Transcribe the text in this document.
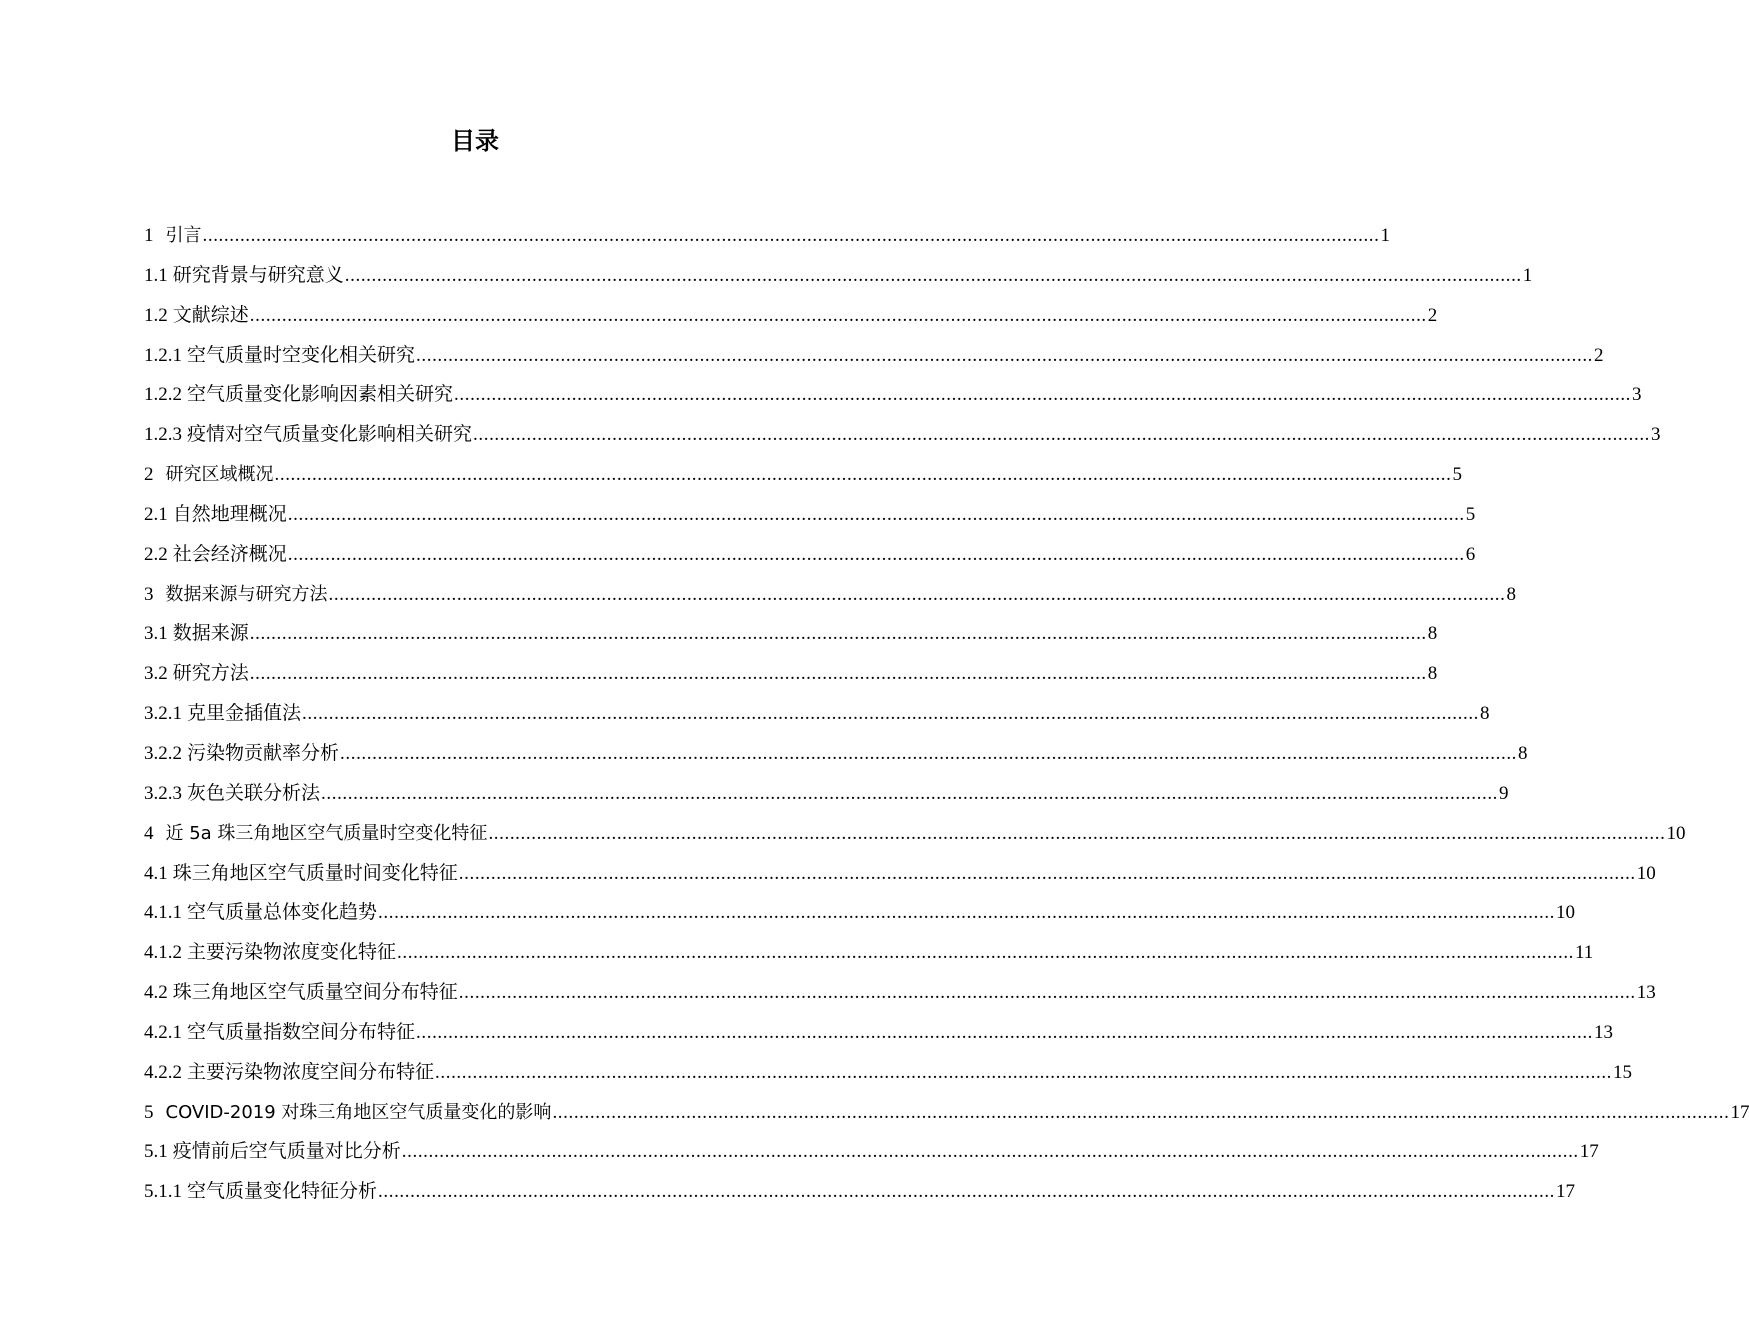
目录
1 引言 ............................................................................................................................................................................................................................ 1
1.1 研究背景与研究意义 ............................................................................................................................................................................................................................ 1
1.2 文献综述 ............................................................................................................................................................................................................................ 2
1.2.1 空气质量时空变化相关研究 ............................................................................................................................................................................................................................ 2
1.2.2 空气质量变化影响因素相关研究 ............................................................................................................................................................................................................................ 3
1.2.3 疫情对空气质量变化影响相关研究 ............................................................................................................................................................................................................................ 3
2 研究区域概况 ............................................................................................................................................................................................................................ 5
2.1 自然地理概况 ............................................................................................................................................................................................................................ 5
2.2 社会经济概况 ............................................................................................................................................................................................................................ 6
3 数据来源与研究方法 ............................................................................................................................................................................................................................ 8
3.1 数据来源 ............................................................................................................................................................................................................................ 8
3.2 研究方法 ............................................................................................................................................................................................................................ 8
3.2.1 克里金插值法 ............................................................................................................................................................................................................................ 8
3.2.2 污染物贡献率分析 ............................................................................................................................................................................................................................ 8
3.2.3 灰色关联分析法 ............................................................................................................................................................................................................................ 9
4 近 5a 珠三角地区空气质量时空变化特征 ............................................................................................................................................................................................................................ 10
4.1 珠三角地区空气质量时间变化特征 ............................................................................................................................................................................................................................ 10
4.1.1 空气质量总体变化趋势 ............................................................................................................................................................................................................................ 10
4.1.2 主要污染物浓度变化特征 ............................................................................................................................................................................................................................ 11
4.2 珠三角地区空气质量空间分布特征 ............................................................................................................................................................................................................................ 13
4.2.1 空气质量指数空间分布特征 ............................................................................................................................................................................................................................ 13
4.2.2 主要污染物浓度空间分布特征 ............................................................................................................................................................................................................................ 15
5 COVID-2019 对珠三角地区空气质量变化的影响 ............................................................................................................................................................................................................................ 17
5.1 疫情前后空气质量对比分析 ............................................................................................................................................................................................................................ 17
5.1.1 空气质量变化特征分析 ............................................................................................................................................................................................................................ 17
